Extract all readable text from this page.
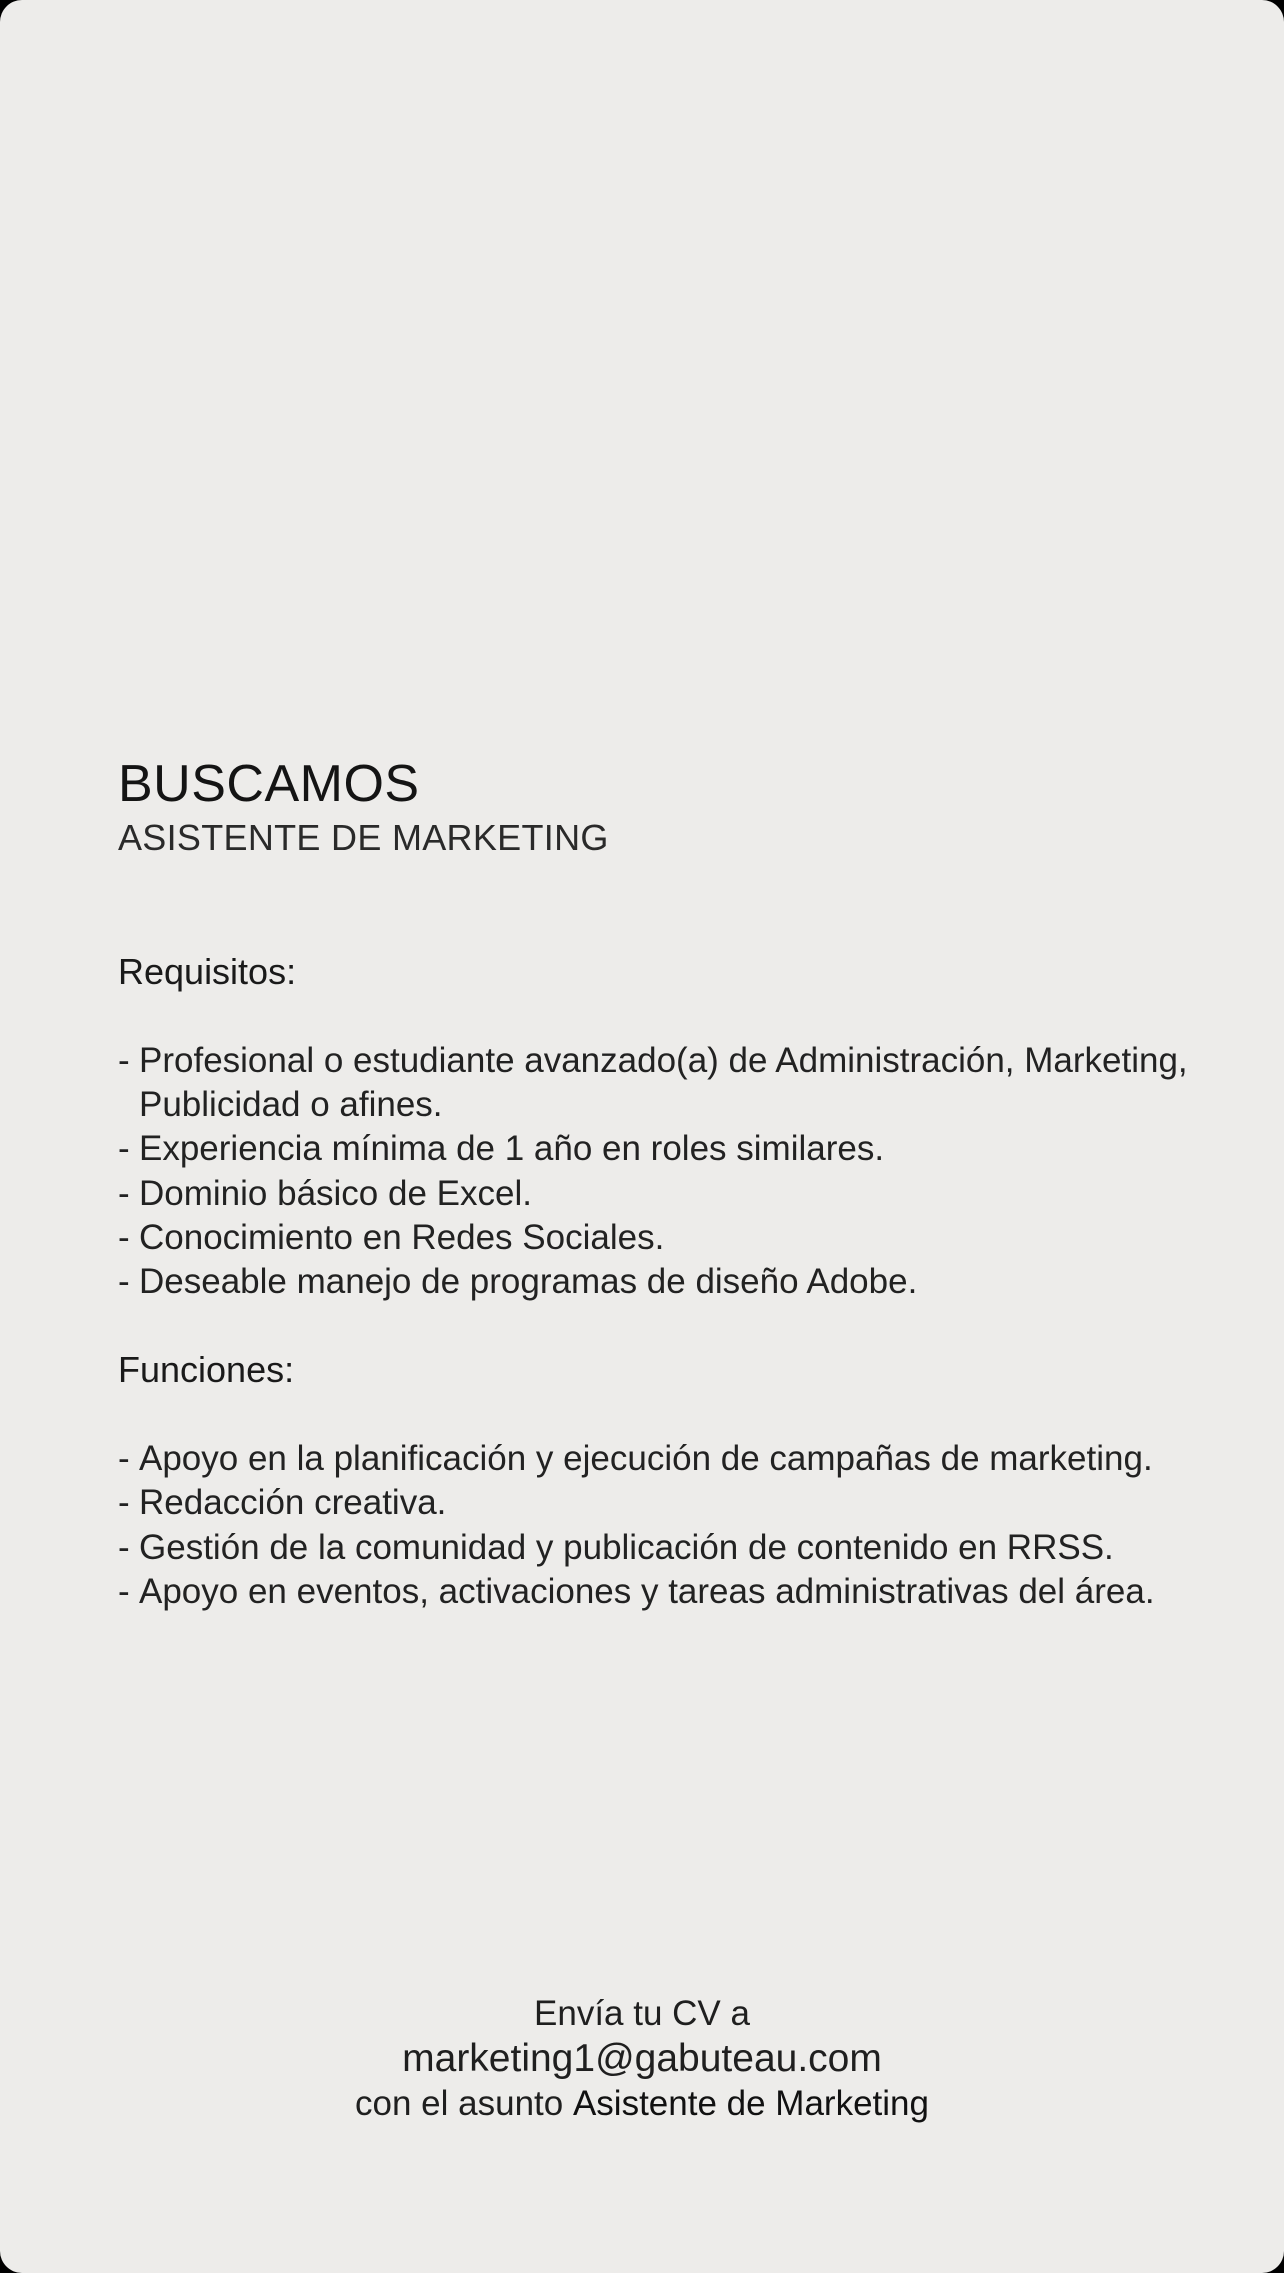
BUSCAMOS
ASISTENTE DE MARKETING
Requisitos:
- Profesional o estudiante avanzado(a) de Administración, Marketing, Publicidad o afines.
- Experiencia mínima de 1 año en roles similares.
- Dominio básico de Excel.
- Conocimiento en Redes Sociales.
- Deseable manejo de programas de diseño Adobe.
Funciones:
- Apoyo en la planificación y ejecución de campañas de marketing.
- Redacción creativa.
- Gestión de la comunidad y publicación de contenido en RRSS.
- Apoyo en eventos, activaciones y tareas administrativas del área.
Envía tu CV a
marketing1@gabuteau.com
con el asunto Asistente de Marketing
